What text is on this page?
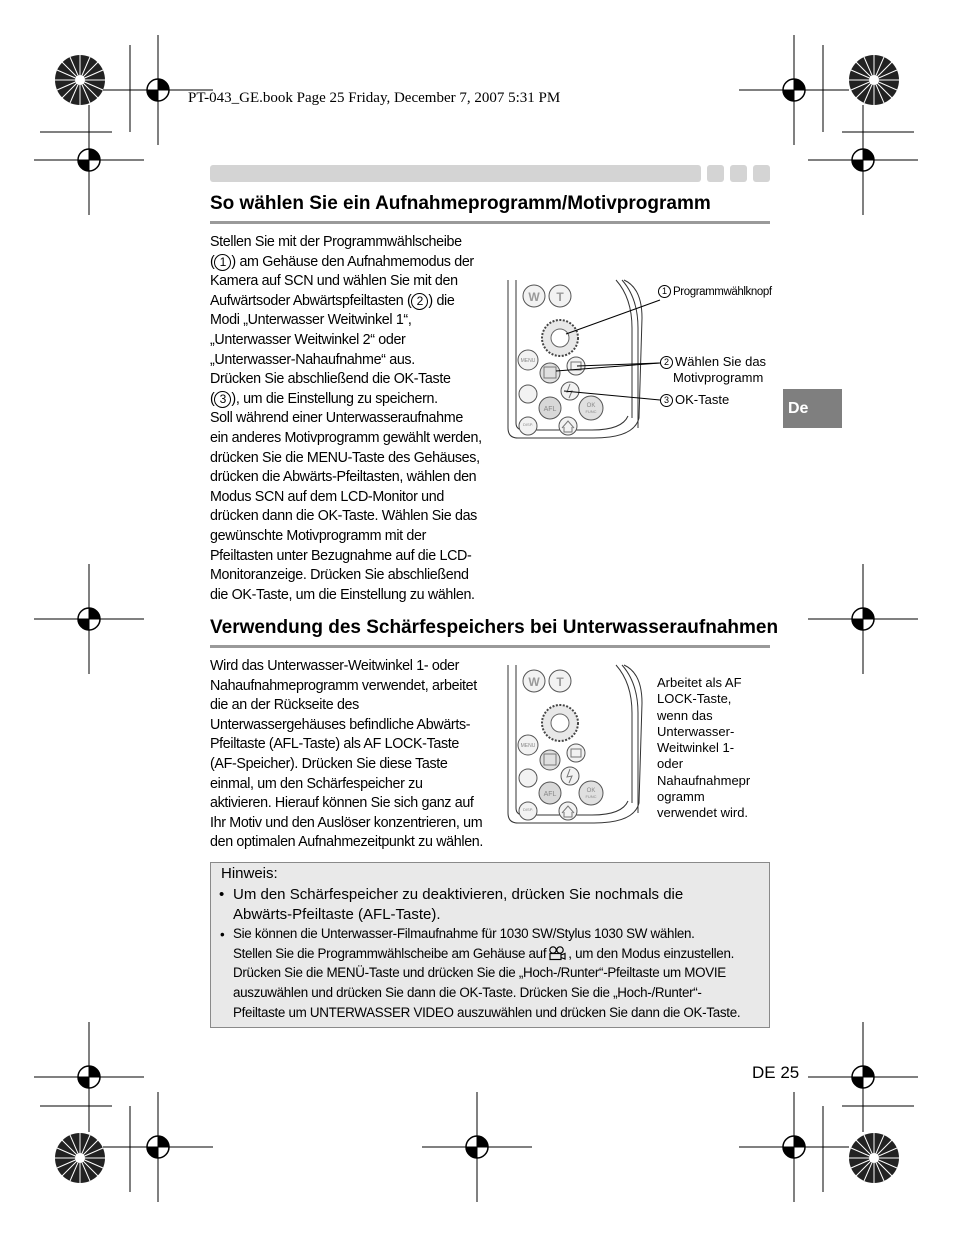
PT-043_GE.book Page 25 Friday, December 7, 2007 5:31 PM
So wählen Sie ein Aufnahmeprogramm/Motivprogramm
Stellen Sie mit der Programmwählscheibe
( 1 ) am Gehäuse den Aufnahmemodus der
Kamera auf SCN und wählen Sie mit den
Aufwärtsoder Abwärtspfeiltasten ( 2 ) die
Modi „Unterwasser Weitwinkel 1“,
„Unterwasser Weitwinkel 2“ oder
„Unterwasser-Nahaufnahme“ aus.
Drücken Sie abschließend die OK-Taste
( 3 ), um die Einstellung zu speichern.
Soll während einer Unterwasseraufnahme
ein anderes Motivprogramm gewählt werden,
drücken Sie die MENU-Taste des Gehäuses,
drücken die Abwärts-Pfeiltasten, wählen den
Modus SCN auf dem LCD-Monitor und
drücken dann die OK-Taste. Wählen Sie das
gewünschte Motivprogramm mit der
Pfeiltasten unter Bezugnahme auf die LCD-
Monitoranzeige. Drücken Sie abschließend
die OK-Taste, um die Einstellung zu wählen.
W T
MENU
AFL	OK
FUNC
DISP.
1 Programmwählknopf
2 Wählen Sie das
Motivprogramm
3 OK-Taste
De
Verwendung des Schärfespeichers bei Unterwasseraufnahmen
Wird das Unterwasser-Weitwinkel 1- oder
Nahaufnahmeprogramm verwendet, arbeitet
die an der Rückseite des
Unterwassergehäuses befindliche Abwärts-
Pfeiltaste (AFL-Taste) als AF LOCK-Taste
(AF-Speicher). Drücken Sie diese Taste
einmal, um den Schärfespeicher zu
aktivieren. Hierauf können Sie sich ganz auf
Ihr Motiv und den Auslöser konzentrieren, um
den optimalen Aufnahmezeitpunkt zu wählen.
W T
MENU
AFL	OK
FUNC
DISP.
Arbeitet als AF
LOCK-Taste,
wenn das
Unterwasser-
Weitwinkel 1-
oder
Nahaufnahmepr
ogramm
verwendet wird.
Hinweis:
• Um den Schärfespeicher zu deaktivieren, drücken Sie nochmals die
Abwärts-Pfeiltaste (AFL-Taste).
• Sie können die Unterwasser-Filmaufnahme für 1030 SW/Stylus 1030 SW wählen.
Stellen Sie die Programmwählscheibe am Gehäuse auf , um den Modus einzustellen.
Drücken Sie die MENÜ-Taste und drücken Sie die „Hoch-/Runter“-Pfeiltaste um MOVIE
auszuwählen und drücken Sie dann die OK-Taste. Drücken Sie die „Hoch-/Runter“-
Pfeiltaste um UNTERWASSER VIDEO auszuwählen und drücken Sie dann die OK-Taste.
DE 25
